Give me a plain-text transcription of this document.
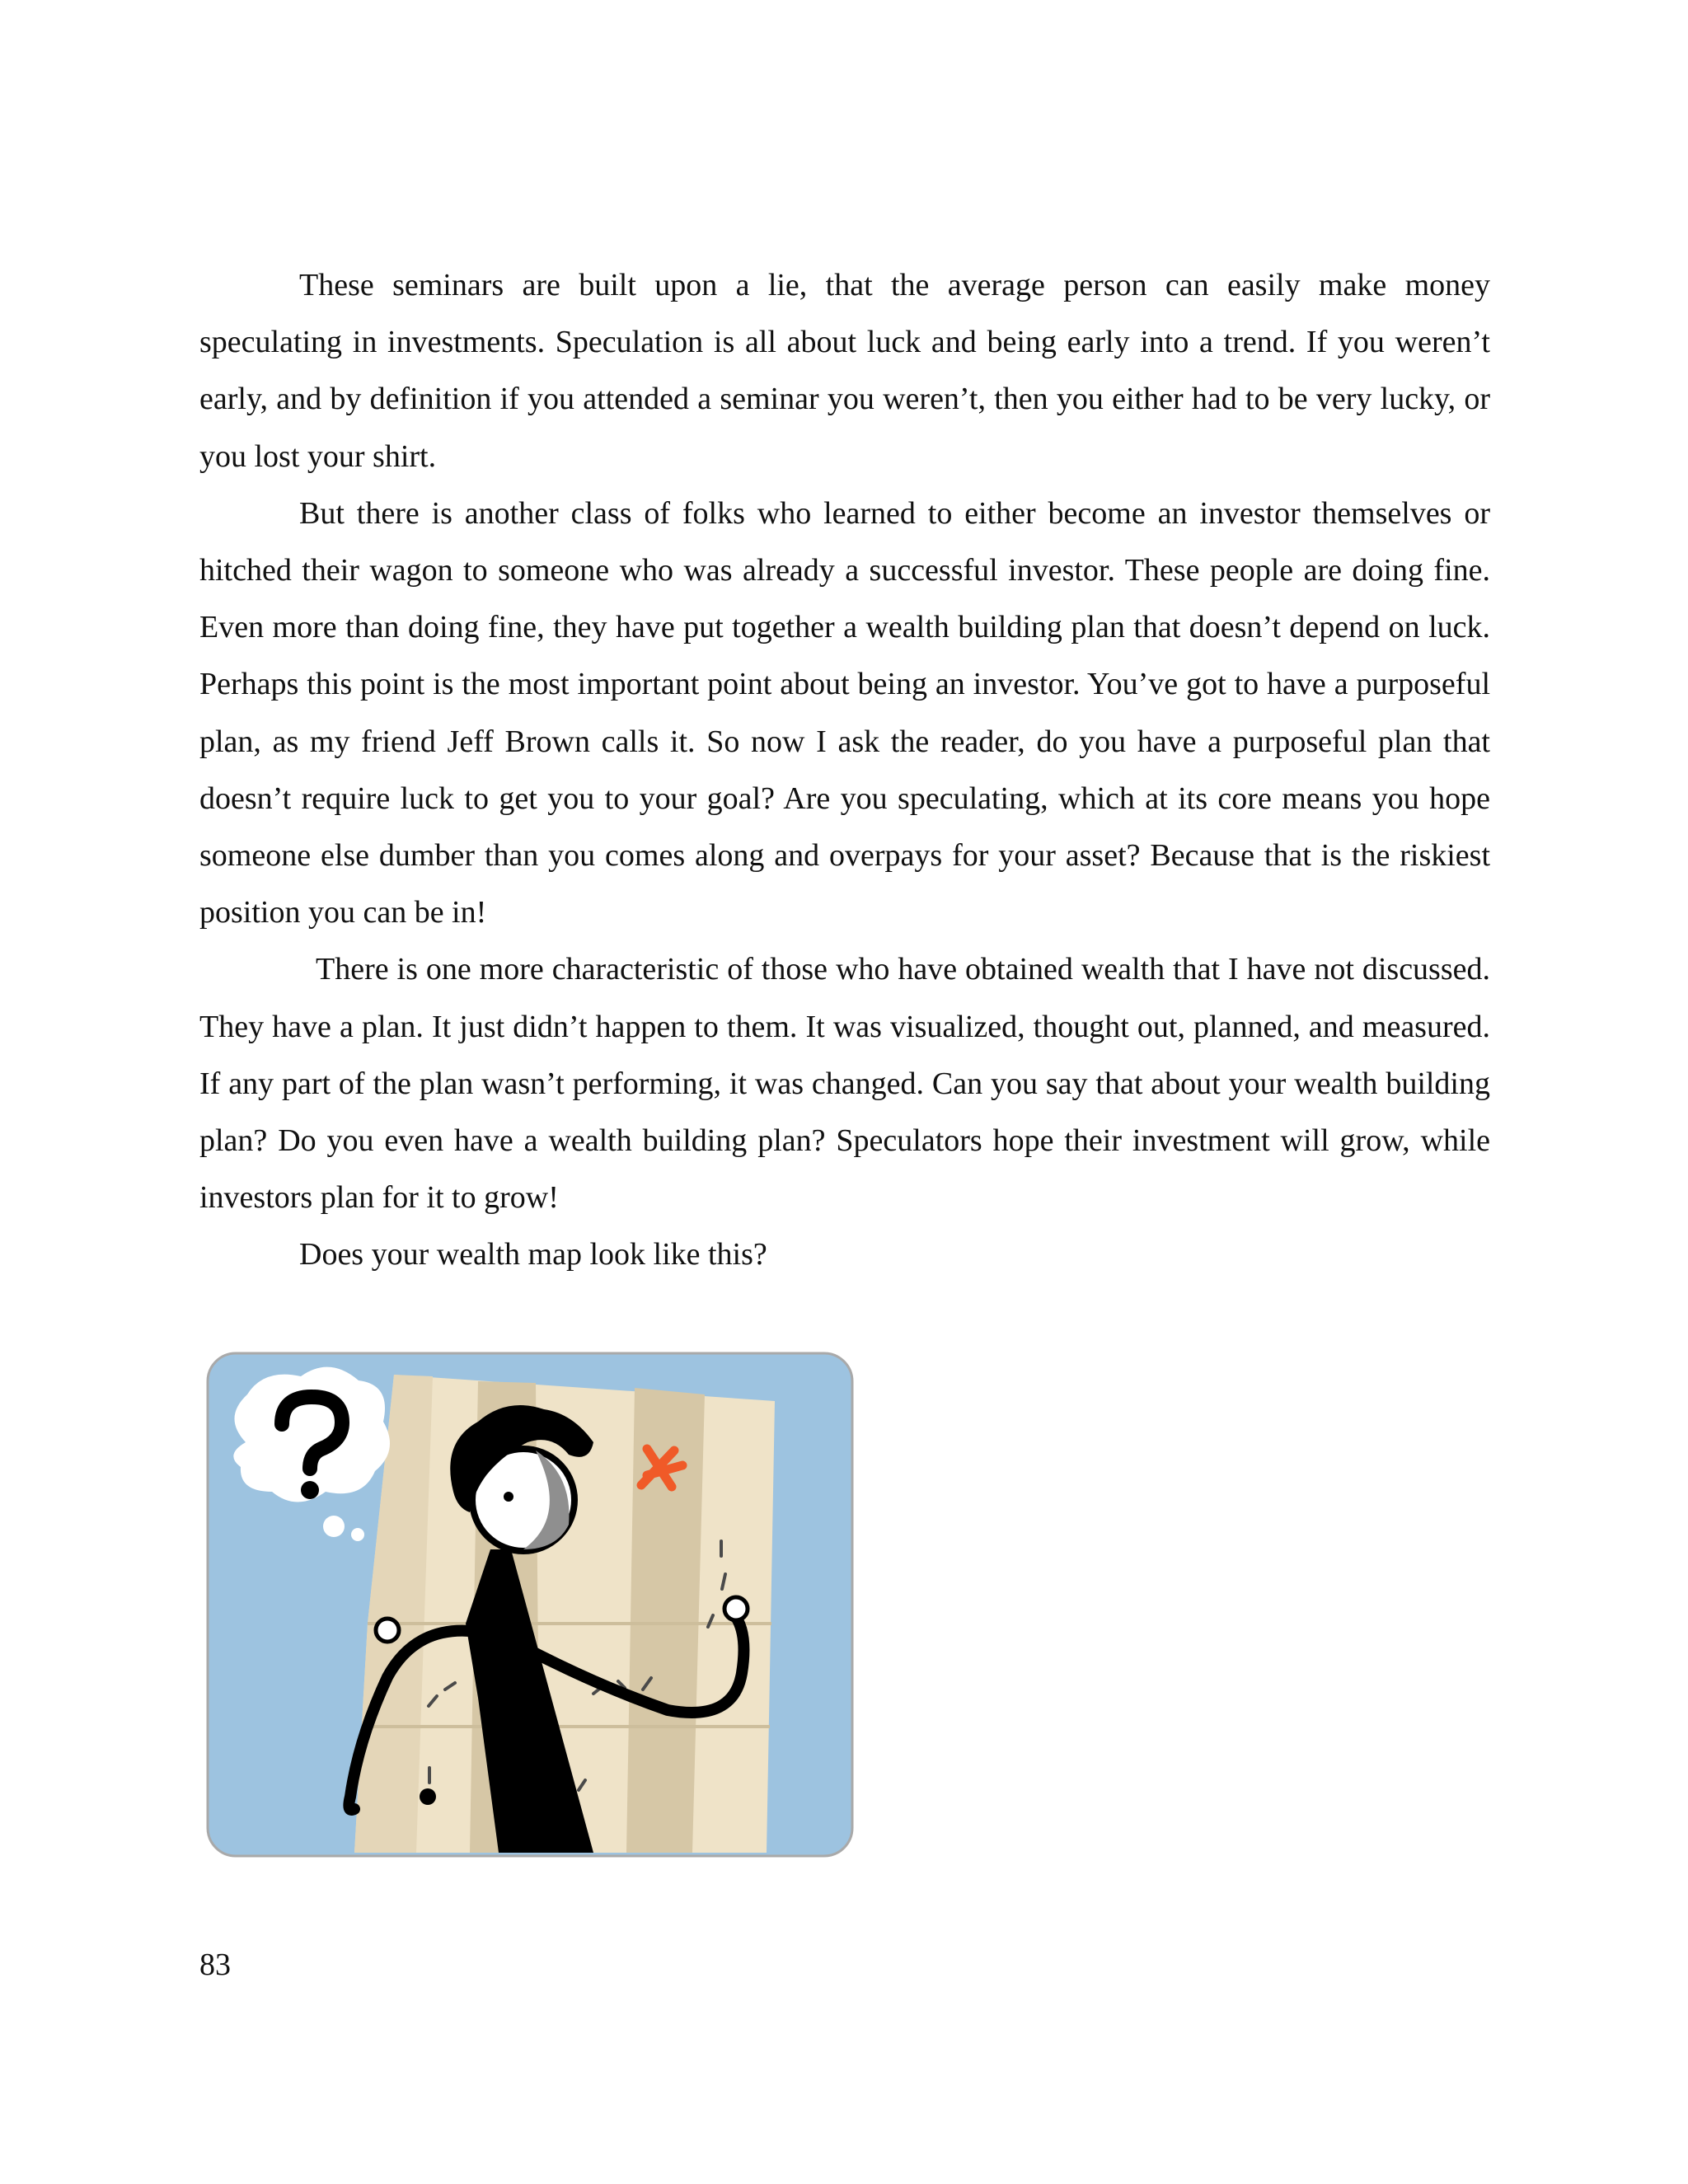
These seminars are built upon a lie, that the average person can easily make money speculating in investments. Speculation is all about luck and being early into a trend. If you weren’t early, and by definition if you attended a seminar you weren’t, then you either had to be very lucky, or you lost your shirt.

But there is another class of folks who learned to either become an investor themselves or hitched their wagon to someone who was already a successful investor. These people are doing fine. Even more than doing fine, they have put together a wealth building plan that doesn’t depend on luck. Perhaps this point is the most important point about being an investor. You’ve got to have a purposeful plan, as my friend Jeff Brown calls it. So now I ask the reader, do you have a purposeful plan that doesn’t require luck to get you to your goal? Are you speculating, which at its core means you hope someone else dumber than you comes along and overpays for your asset? Because that is the riskiest position you can be in!

There is one more characteristic of those who have obtained wealth that I have not discussed. They have a plan. It just didn’t happen to them. It was visualized, thought out, planned, and measured. If any part of the plan wasn’t performing, it was changed. Can you say that about your wealth building plan? Do you even have a wealth building plan? Speculators hope their investment will grow, while investors plan for it to grow!

Does your wealth map look like this?

83
